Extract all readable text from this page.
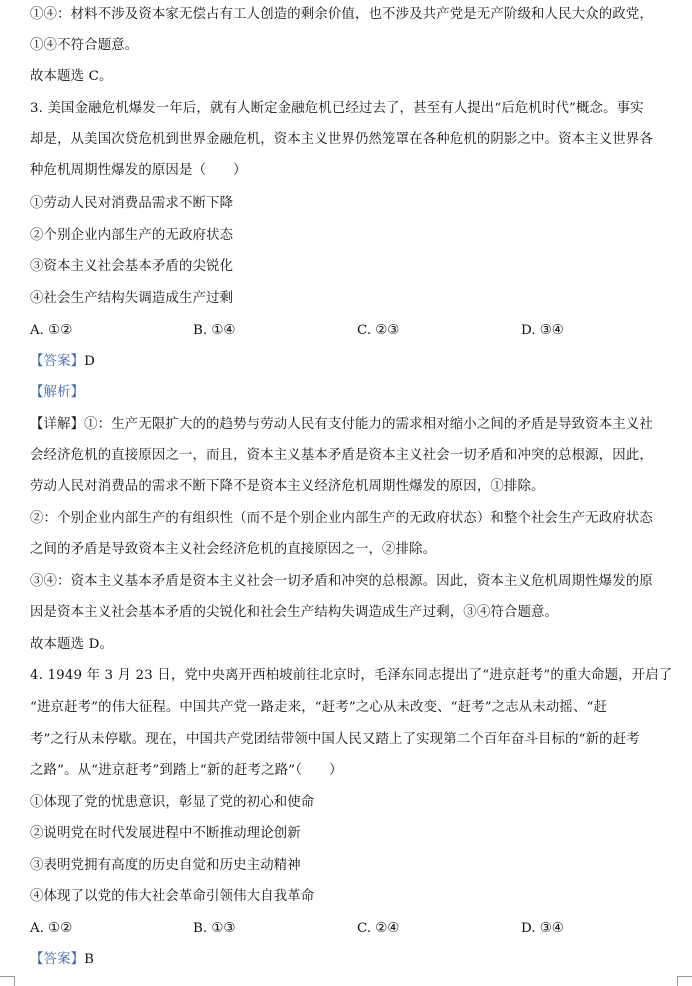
①④：材料不涉及资本家无偿占有工人创造的剩余价值，也不涉及共产党是无产阶级和人民大众的政党，
①④不符合题意。
故本题选 C。
3. 美国金融危机爆发一年后，就有人断定金融危机已经过去了，甚至有人提出“后危机时代”概念。事实
却是，从美国次贷危机到世界金融危机，资本主义世界仍然笼罩在各种危机的阴影之中。资本主义世界各
种危机周期性爆发的原因是（　　）
①劳动人民对消费品需求不断下降
②个别企业内部生产的无政府状态
③资本主义社会基本矛盾的尖锐化
④社会生产结构失调造成生产过剩
A. ①②	B. ①④	C. ②③	D. ③④
【答案】D
【解析】
【详解】①：生产无限扩大的的趋势与劳动人民有支付能力的需求相对缩小之间的矛盾是导致资本主义社
会经济危机的直接原因之一，而且，资本主义基本矛盾是资本主义社会一切矛盾和冲突的总根源，因此，
劳动人民对消费品的需求不断下降不是资本主义经济危机周期性爆发的原因，①排除。
②：个别企业内部生产的有组织性（而不是个别企业内部生产的无政府状态）和整个社会生产无政府状态
之间的矛盾是导致资本主义社会经济危机的直接原因之一，②排除。
③④：资本主义基本矛盾是资本主义社会一切矛盾和冲突的总根源。因此，资本主义危机周期性爆发的原
因是资本主义社会基本矛盾的尖锐化和社会生产结构失调造成生产过剩，③④符合题意。
故本题选 D。
4. 1949 年 3 月 23 日，党中央离开西柏坡前往北京时，毛泽东同志提出了“进京赶考”的重大命题，开启了
“进京赶考”的伟大征程。中国共产党一路走来，“赶考”之心从未改变、“赶考”之志从未动摇、“赶
考”之行从未停歇。现在，中国共产党团结带领中国人民又踏上了实现第二个百年奋斗目标的“新的赶考
之路”。从“进京赶考”到踏上“新的赶考之路”（　　）
①体现了党的忧患意识，彰显了党的初心和使命
②说明党在时代发展进程中不断推动理论创新
③表明党拥有高度的历史自觉和历史主动精神
④体现了以党的伟大社会革命引领伟大自我革命
A. ①②	B. ①③	C. ②④	D. ③④
【答案】B
